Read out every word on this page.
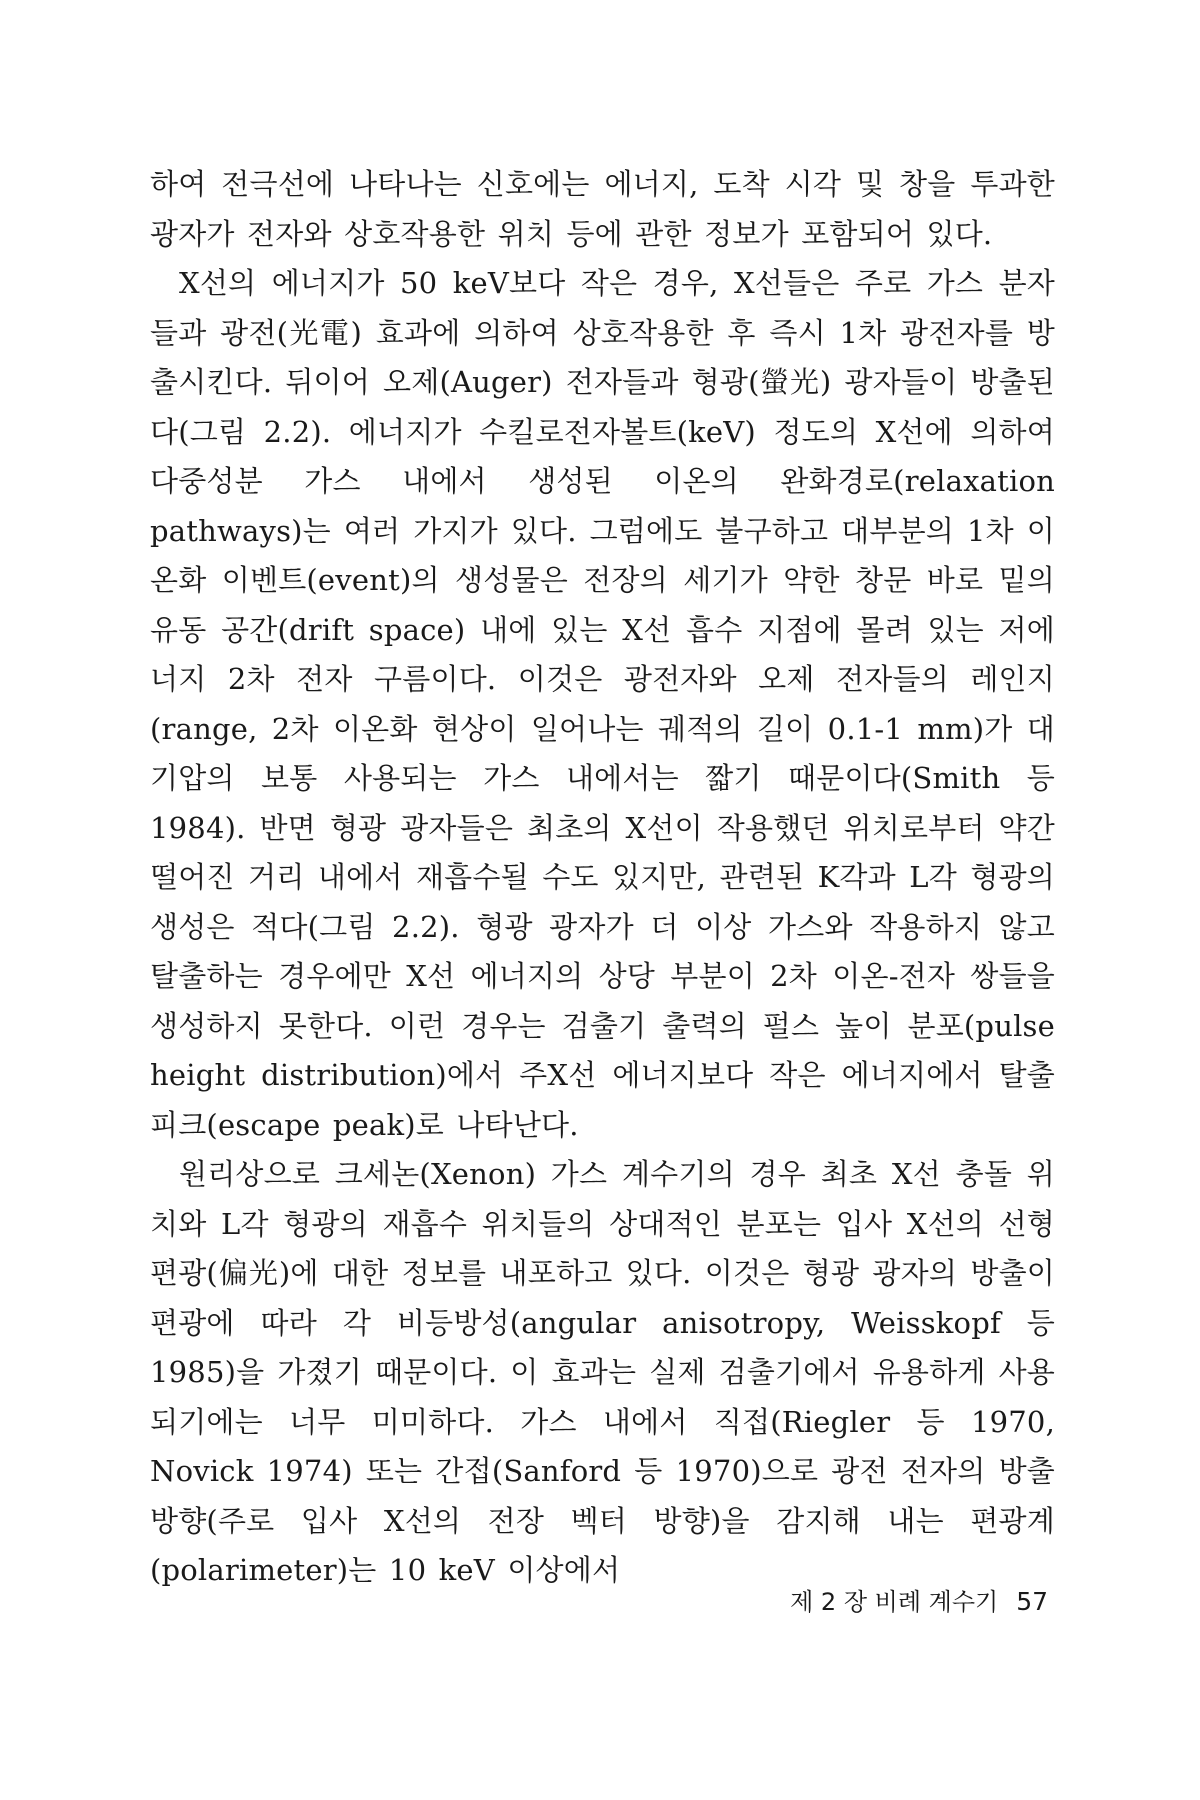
하여 전극선에 나타나는 신호에는 에너지, 도착 시각 및 창을 투과한 광자가 전자와 상호작용한 위치 등에 관한 정보가 포함되어 있다.

X선의 에너지가 50 keV보다 작은 경우, X선들은 주로 가스 분자들과 광전(光電) 효과에 의하여 상호작용한 후 즉시 1차 광전자를 방출시킨다. 뒤이어 오제(Auger) 전자들과 형광(螢光) 광자들이 방출된다(그림 2.2). 에너지가 수킬로전자볼트(keV) 정도의 X선에 의하여 다중성분 가스 내에서 생성된 이온의 완화경로(relaxation pathways)는 여러 가지가 있다. 그럼에도 불구하고 대부분의 1차 이온화 이벤트(event)의 생성물은 전장의 세기가 약한 창문 바로 밑의 유동 공간(drift space) 내에 있는 X선 흡수 지점에 몰려 있는 저에너지 2차 전자 구름이다. 이것은 광전자와 오제 전자들의 레인지(range, 2차 이온화 현상이 일어나는 궤적의 길이 0.1-1 mm)가 대기압의 보통 사용되는 가스 내에서는 짧기 때문이다(Smith 등 1984). 반면 형광 광자들은 최초의 X선이 작용했던 위치로부터 약간 떨어진 거리 내에서 재흡수될 수도 있지만, 관련된 K각과 L각 형광의 생성은 적다(그림 2.2). 형광 광자가 더 이상 가스와 작용하지 않고 탈출하는 경우에만 X선 에너지의 상당 부분이 2차 이온-전자 쌍들을 생성하지 못한다. 이런 경우는 검출기 출력의 펄스 높이 분포(pulse height distribution)에서 주X선 에너지보다 작은 에너지에서 탈출 피크(escape peak)로 나타난다.

원리상으로 크세논(Xenon) 가스 계수기의 경우 최초 X선 충돌 위치와 L각 형광의 재흡수 위치들의 상대적인 분포는 입사 X선의 선형 편광(偏光)에 대한 정보를 내포하고 있다. 이것은 형광 광자의 방출이 편광에 따라 각 비등방성(angular anisotropy, Weisskopf 등 1985)을 가졌기 때문이다. 이 효과는 실제 검출기에서 유용하게 사용되기에는 너무 미미하다. 가스 내에서 직접(Riegler 등 1970, Novick 1974) 또는 간접(Sanford 등 1970)으로 광전 전자의 방출 방향(주로 입사 X선의 전장 벡터 방향)을 감지해 내는 편광계(polarimeter)는 10 keV 이상에서

제 2 장 비례 계수기 57
